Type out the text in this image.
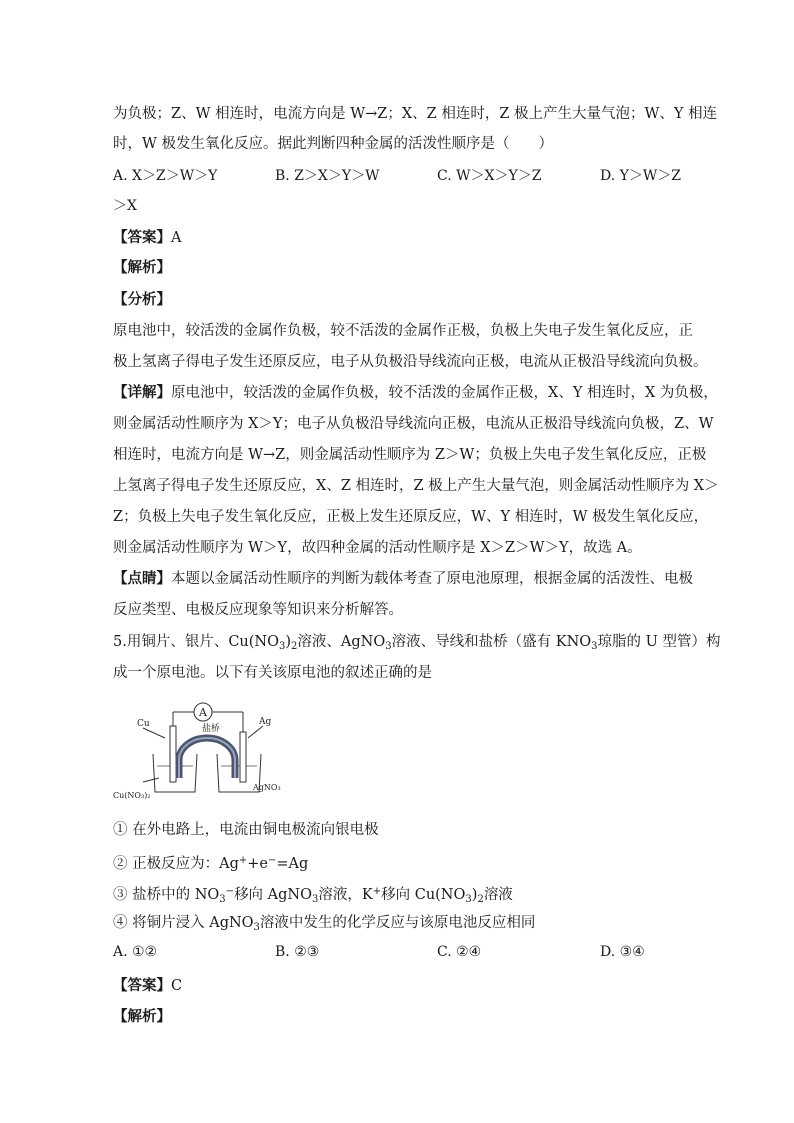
为负极；Z、W 相连时，电流方向是 W→Z；X、Z 相连时，Z 极上产生大量气泡；W、Y 相连
时，W 极发生氧化反应。据此判断四种金属的活泼性顺序是（　　）
A. X＞Z＞W＞Y	B. Z＞X＞Y＞W	C. W＞X＞Y＞Z	D. Y＞W＞Z
＞X
【答案】A
【解析】
【分析】
原电池中，较活泼的金属作负极，较不活泼的金属作正极，负极上失电子发生氧化反应，正
极上氢离子得电子发生还原反应，电子从负极沿导线流向正极，电流从正极沿导线流向负极。
【详解】原电池中，较活泼的金属作负极，较不活泼的金属作正极，X、Y 相连时，X 为负极，
则金属活动性顺序为 X＞Y；电子从负极沿导线流向正极，电流从正极沿导线流向负极，Z、W
相连时，电流方向是 W→Z，则金属活动性顺序为 Z＞W；负极上失电子发生氧化反应，正极
上氢离子得电子发生还原反应，X、Z 相连时，Z 极上产生大量气泡，则金属活动性顺序为 X＞
Z；负极上失电子发生氧化反应，正极上发生还原反应，W、Y 相连时，W 极发生氧化反应，
则金属活动性顺序为 W＞Y，故四种金属的活动性顺序是 X＞Z＞W＞Y，故选 A。
【点睛】本题以金属活动性顺序的判断为载体考查了原电池原理，根据金属的活泼性、电极
反应类型、电极反应现象等知识来分析解答。
5.用铜片、银片、$Cu(NO_3)_2$溶液、AgNO$_3$溶液、导线和盐桥（盛有 $KNO_3$琼脂的 U 型管）构
成一个原电池。以下有关该原电池的叙述正确的是
A
盐桥
Cu	Ag
Cu(NO₃)₂
AgNO₃
① 在外电路上，电流由铜电极流向银电极
② 正极反应为：Ag++e−=Ag
③ 盐桥中的 $NO_3^-$移向 AgNO$_3$溶液，K+移向 $Cu(NO_3)_2$溶液
④ 将铜片浸入 AgNO$_3$溶液中发生的化学反应与该原电池反应相同
A. ①②	B. ②③	C. ②④	D. ③④
【答案】C
【解析】
